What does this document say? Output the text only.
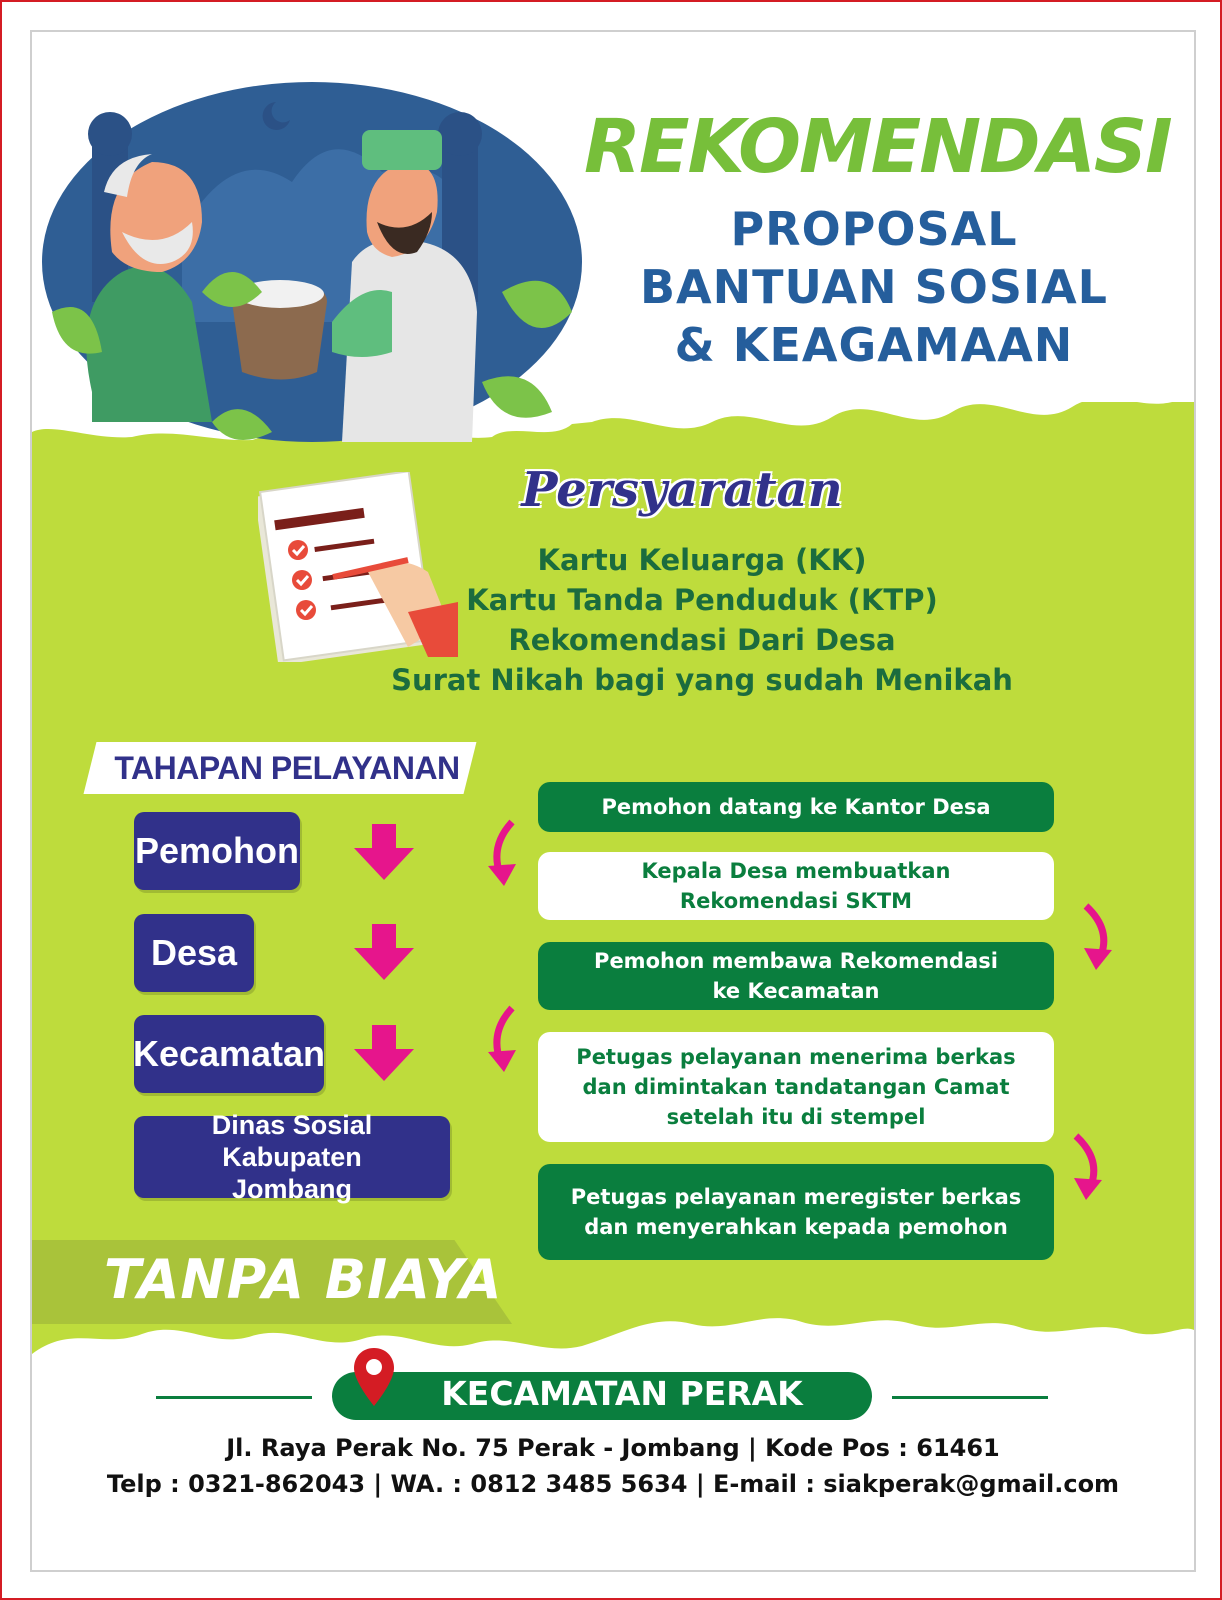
REKOMENDASI
PROPOSAL
BANTUAN SOSIAL
& KEAGAMAAN
Persyaratan
Kartu Keluarga (KK)
Kartu Tanda Penduduk (KTP)
Rekomendasi Dari Desa
Surat Nikah bagi yang sudah Menikah
TAHAPAN PELAYANAN
Pemohon
Desa
Kecamatan
Dinas Sosial Kabupaten Jombang
Pemohon datang ke Kantor Desa
Kepala Desa membuatkan Rekomendasi SKTM
Pemohon membawa Rekomendasi ke Kecamatan
Petugas pelayanan menerima berkas dan dimintakan tandatangan Camat setelah itu di stempel
Petugas pelayanan meregister berkas dan menyerahkan kepada pemohon
TANPA BIAYA
KECAMATAN PERAK
Jl. Raya Perak No. 75 Perak - Jombang | Kode Pos : 61461
Telp : 0321-862043 | WA. : 0812 3485 5634 | E-mail : siakperak@gmail.com
